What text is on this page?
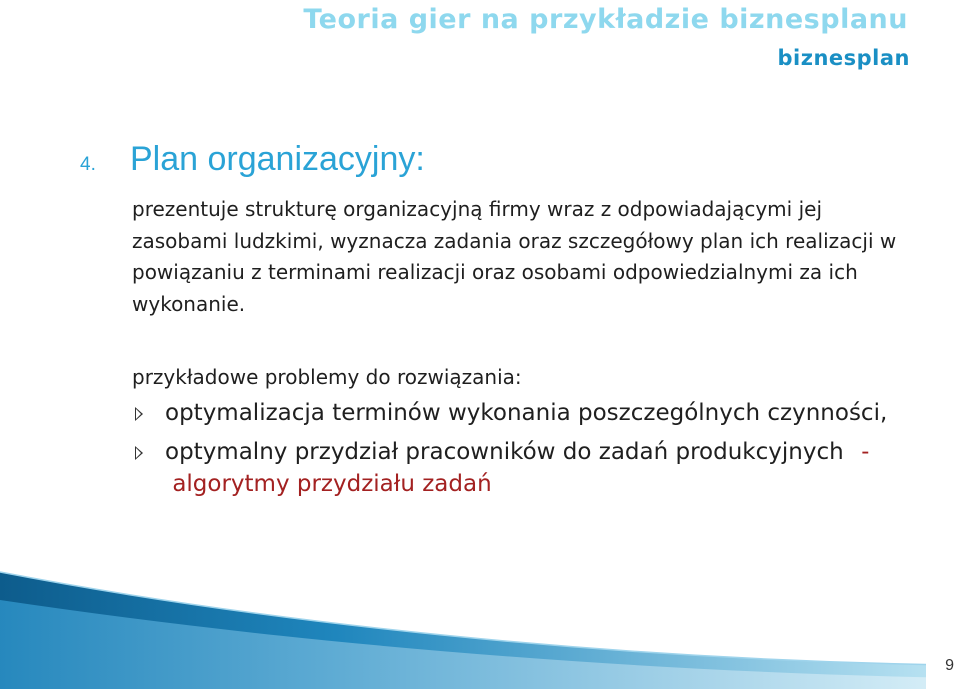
Teoria gier na przykładzie biznesplanu
biznesplan
4.	Plan organizacyjny:

prezentuje strukturę organizacyjną firmy wraz z odpowiadającymi jej zasobami ludzkimi, wyznacza zadania oraz szczegółowy plan ich realizacji w powiązaniu z terminami realizacji oraz osobami odpowiedzialnymi za ich wykonanie.

przykładowe problemy do rozwiązania:

optymalizacja terminów wykonania poszczególnych czynności,
optymalny przydział pracowników do zadań produkcyjnych - algorytmy przydziału zadań
9
